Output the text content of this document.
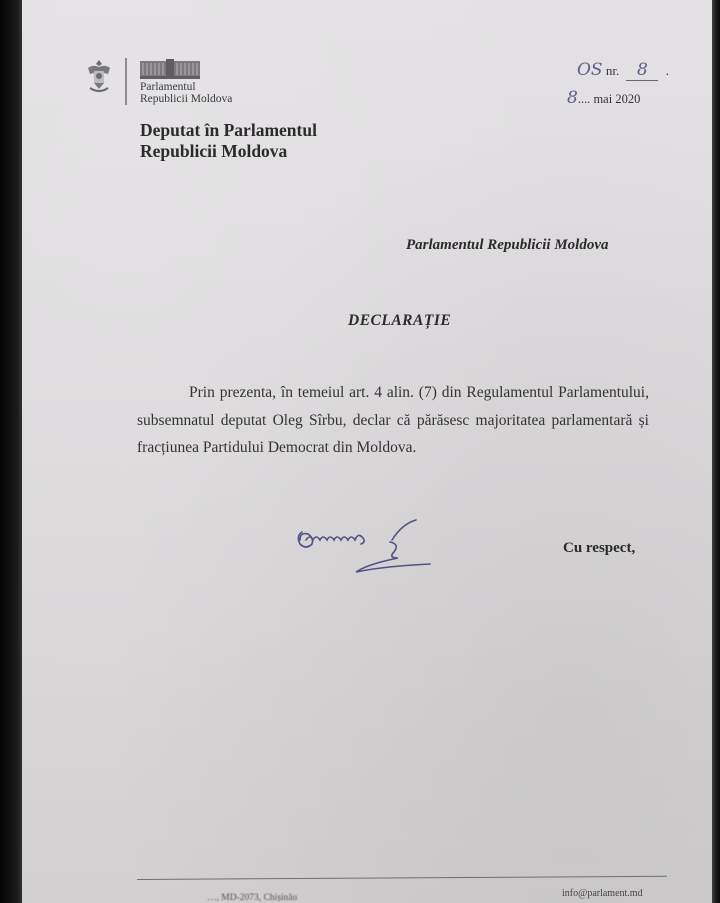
Parlamentul
Republicii Moldova
Deputat în Parlamentul
Republicii Moldova
OS nr. 8 .
8.... mai 2020
Parlamentul Republicii Moldova
DECLARAȚIE
Prin prezenta, în temeiul art. 4 alin. (7) din Regulamentul Parlamentului, subsemnatul deputat Oleg Sîrbu, declar că părăsesc majoritatea parlamentară și fracțiunea Partidului Democrat din Moldova.
Cu respect,
…, MD-2073, Chișinău	info@parlament.md
